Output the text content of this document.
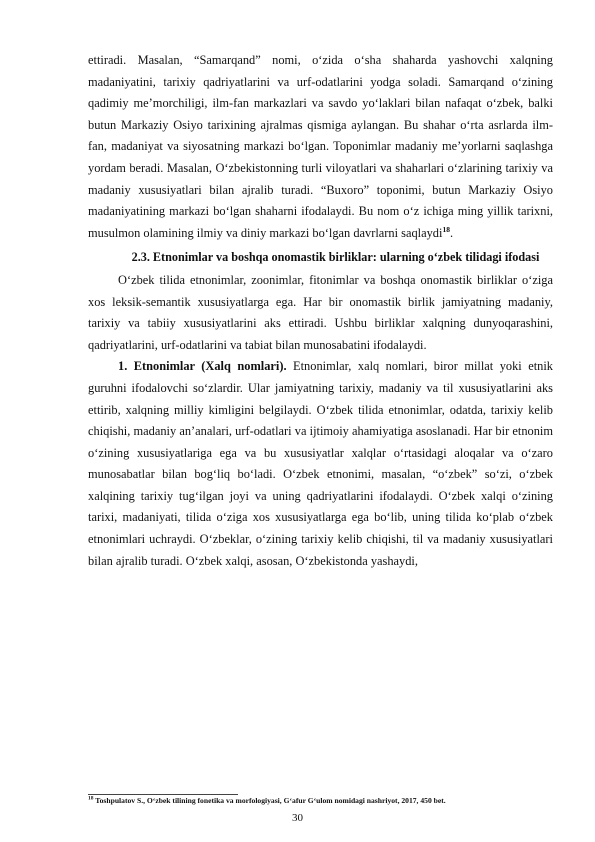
ettiradi. Masalan, “Samarqand” nomi, o‘zida o‘sha shaharda yashovchi xalqning madaniyatini, tarixiy qadriyatlarini va urf-odatlarini yodga soladi. Samarqand o‘zining qadimiy me’morchiligi, ilm-fan markazlari va savdo yo‘laklari bilan nafaqat o‘zbek, balki butun Markaziy Osiyo tarixining ajralmas qismiga aylangan. Bu shahar o‘rta asrlarda ilm-fan, madaniyat va siyosatning markazi bo‘lgan. Toponimlar madaniy me’yorlarni saqlashga yordam beradi. Masalan, O‘zbekistonning turli viloyatlari va shaharlari o‘zlarining tarixiy va madaniy xususiyatlari bilan ajralib turadi. “Buxoro” toponimi, butun Markaziy Osiyo madaniyatining markazi bo‘lgan shaharni ifodalaydi. Bu nom o‘z ichiga ming yillik tarixni, musulmon olamining ilmiy va diniy markazi bo‘lgan davrlarni saqlaydi$^{18}$.

2.3. Etnonimlar va boshqa onomastik birliklar: ularning o‘zbek tilidagi ifodasi

O‘zbek tilida etnonimlar, zoonimlar, fitonimlar va boshqa onomastik birliklar o‘ziga xos leksik-semantik xususiyatlarga ega. Har bir onomastik birlik jamiyatning madaniy, tarixiy va tabiiy xususiyatlarini aks ettiradi. Ushbu birliklar xalqning dunyoqarashini, qadriyatlarini, urf-odatlarini va tabiat bilan munosabatini ifodalaydi.

1. Etnonimlar (Xalq nomlari). Etnonimlar, xalq nomlari, biror millat yoki etnik guruhni ifodalovchi so‘zlardir. Ular jamiyatning tarixiy, madaniy va til xususiyatlarini aks ettirib, xalqning milliy kimligini belgilaydi. O‘zbek tilida etnonimlar, odatda, tarixiy kelib chiqishi, madaniy an’analari, urf-odatlari va ijtimoiy ahamiyatiga asoslanadi. Har bir etnonim o‘zining xususiyatlariga ega va bu xususiyatlar xalqlar o‘rtasidagi aloqalar va o‘zaro munosabatlar bilan bog‘liq bo‘ladi. O‘zbek etnonimi, masalan, “o‘zbek” so‘zi, o‘zbek xalqining tarixiy tug‘ilgan joyi va uning qadriyatlarini ifodalaydi. O‘zbek xalqi o‘zining tarixi, madaniyati, tilida o‘ziga xos xususiyatlarga ega bo‘lib, uning tilida ko‘plab o‘zbek etnonimlari uchraydi. O‘zbeklar, o‘zining tarixiy kelib chiqishi, til va madaniy xususiyatlari bilan ajralib turadi. O‘zbek xalqi, asosan, O‘zbekistonda yashaydi,

$^{18}$ Toshpulatov S., O‘zbek tilining fonetika va morfologiyasi, G‘afur G‘ulom nomidagi nashriyot, 2017, 450 bet.
30
